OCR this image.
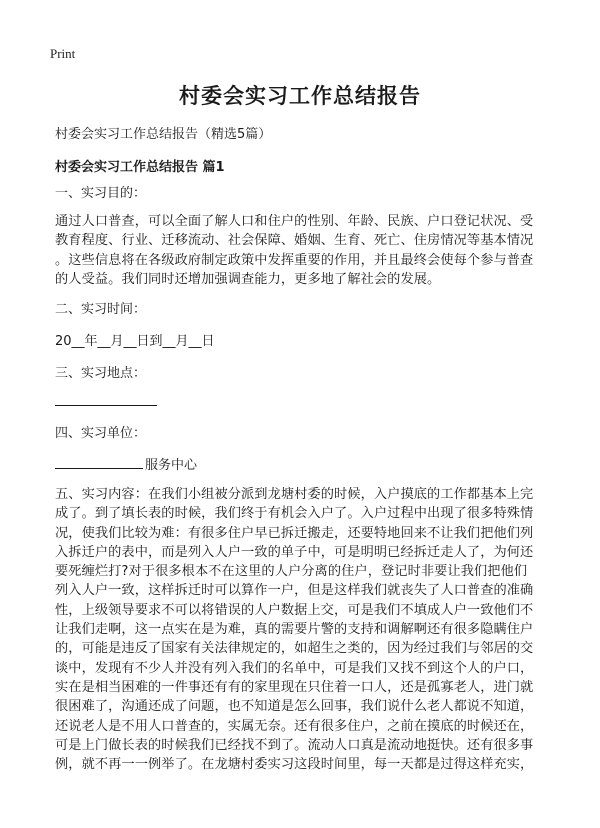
Print
村委会实习工作总结报告
村委会实习工作总结报告（精选5篇）
村委会实习工作总结报告 篇1
一、实习目的：
通过人口普查，可以全面了解人口和住户的性别、年龄、民族、户口登记状况、受
教育程度、行业、迁移流动、社会保障、婚姻、生育、死亡、住房情况等基本情况
。这些信息将在各级政府制定政策中发挥重要的作用，并且最终会使每个参与普查
的人受益。我们同时还增加强调查能力，更多地了解社会的发展。
二、实习时间：
20__年__月__日到__月__日
三、实习地点：
四、实习单位：
服务中心
五、实习内容：在我们小组被分派到龙塘村委的时候，入户摸底的工作都基本上完
成了。到了填长表的时候，我们终于有机会入户了。入户过程中出现了很多特殊情
况，使我们比较为难：有很多住户早已拆迁搬走，还要特地回来不让我们把他们列
入拆迁户的表中，而是列入人户一致的单子中，可是明明已经拆迁走人了，为何还
要死缠烂打?对于很多根本不在这里的人户分离的住户，登记时非要让我们把他们
列入人户一致，这样拆迁时可以算作一户，但是这样我们就丧失了人口普查的准确
性，上级领导要求不可以将错误的人户数据上交，可是我们不填成人户一致他们不
让我们走啊，这一点实在是为难，真的需要片警的支持和调解啊还有很多隐瞒住户
的，可能是违反了国家有关法律规定的，如超生之类的，因为经过我们与邻居的交
谈中，发现有不少人并没有列入我们的名单中，可是我们又找不到这个人的户口，
实在是相当困难的一件事还有有的家里现在只住着一口人，还是孤寡老人，进门就
很困难了，沟通还成了问题，也不知道是怎么回事，我们说什么老人都说不知道，
还说老人是不用人口普查的，实属无奈。还有很多住户，之前在摸底的时候还在，
可是上门做长表的时候我们已经找不到了。流动人口真是流动地挺快。还有很多事
例，就不再一一例举了。在龙塘村委实习这段时间里，每一天都是过得这样充实，
